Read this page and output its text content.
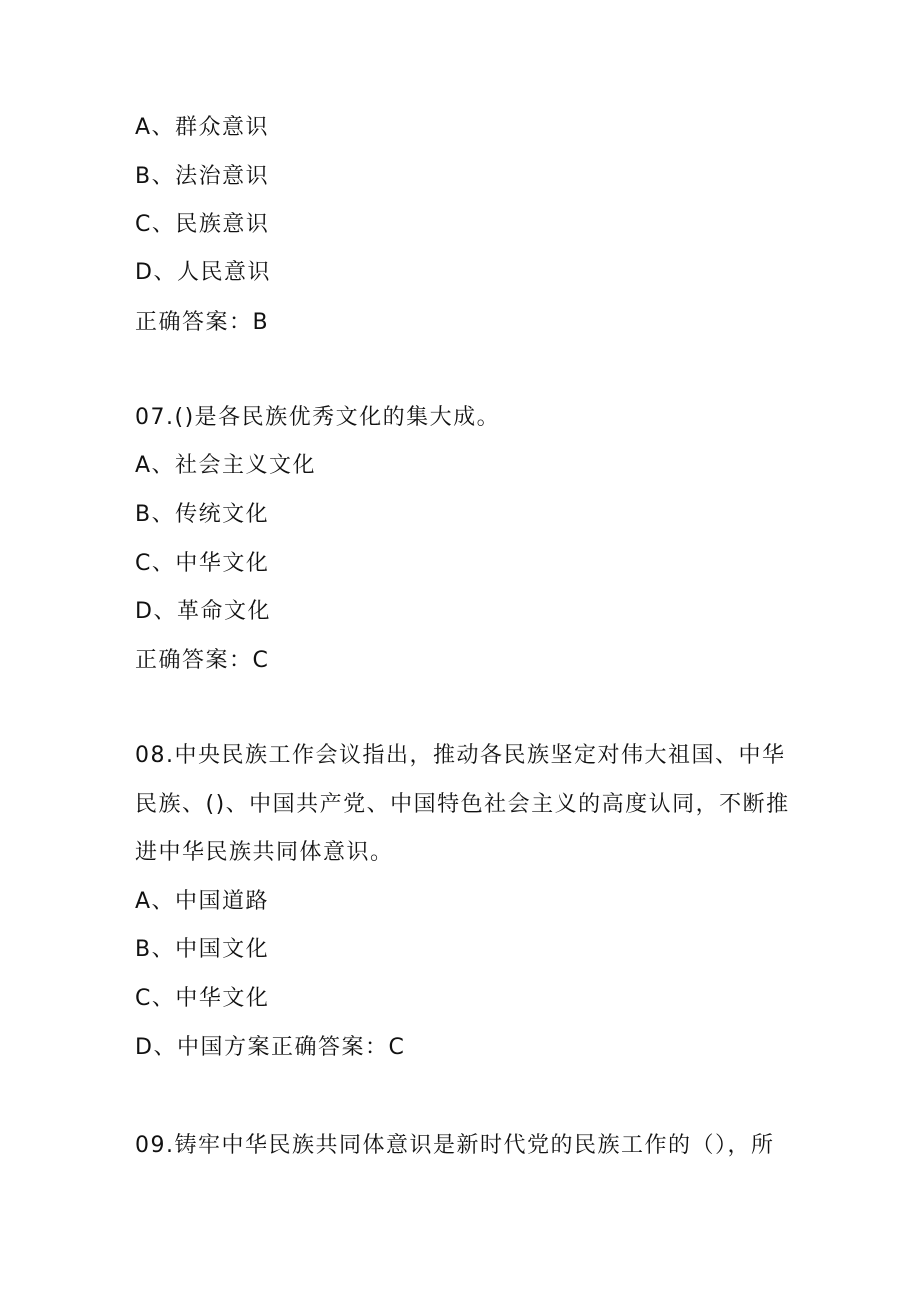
A、群众意识
B、法治意识
C、民族意识
D、人民意识
正确答案：B
07.()是各民族优秀文化的集大成。
A、社会主义文化
B、传统文化
C、中华文化
D、革命文化
正确答案：C
08.中央民族工作会议指出，推动各民族坚定对伟大祖国、中华
民族、()、中国共产党、中国特色社会主义的高度认同，不断推
进中华民族共同体意识。
A、中国道路
B、中国文化
C、中华文化
D、中国方案正确答案：C
09.铸牢中华民族共同体意识是新时代党的民族工作的（），所
